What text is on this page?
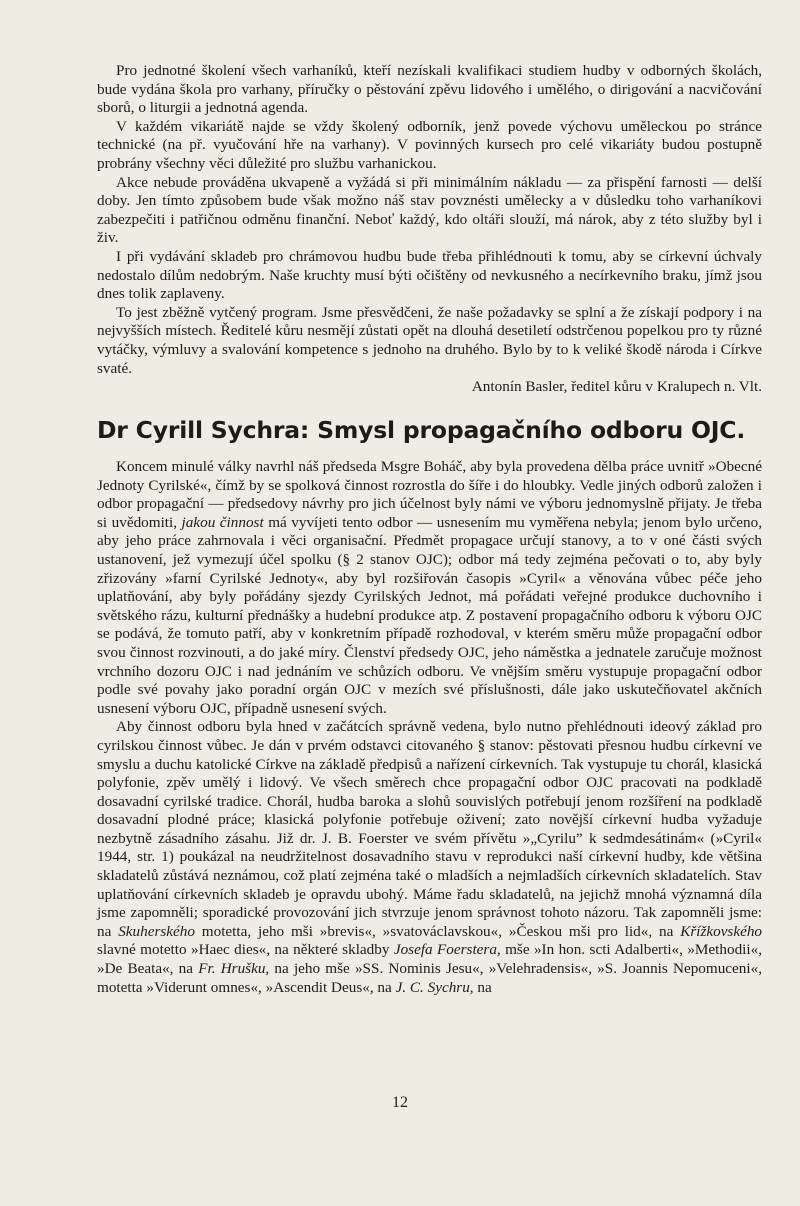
Pro jednotné školení všech varhaníků, kteří nezískali kvalifikaci studiem hudby v odborných školách, bude vydána škola pro varhany, příručky o pěstování zpěvu lidového i umělého, o dirigování a nacvičování sborů, o liturgii a jednotná agenda.

V každém vikariátě najde se vždy školený odborník, jenž povede výchovu uměleckou po stránce technické (na př. vyučování hře na varhany). V povinných kursech pro celé vikariáty budou postupně probrány všechny věci důležité pro službu varhanickou.

Akce nebude prováděna ukvapeně a vyžádá si při minimálním nákladu — za přispění farnosti — delší doby. Jen tímto způsobem bude však možno náš stav povznésti umělecky a v důsledku toho varhaníkovi zabezpečiti i patřičnou odměnu finanční. Neboť každý, kdo oltáři slouží, má nárok, aby z této služby byl i živ.

I při vydávání skladeb pro chrámovou hudbu bude třeba přihlédnouti k tomu, aby se církevní úchvaly nedostalo dílům nedobrým. Naše kruchty musí býti očištěny od nevkusného a necírkevního braku, jímž jsou dnes tolik zaplaveny.

To jest zběžně vytčený program. Jsme přesvědčeni, že naše požadavky se splní a že získají podpory i na nejvyšších místech. Ředitelé kůru nesmějí zůstati opět na dlouhá desetiletí odstrčenou popelkou pro ty různé vytáčky, výmluvy a svalování kompetence s jednoho na druhého. Bylo by to k veliké škodě národa i Církve svaté.

Antonín Basler, ředitel kůru v Kralupech n. Vlt.

Dr Cyrill Sychra: Smysl propagačního odboru OJC.

Koncem minulé války navrhl náš předseda Msgre Boháč, aby byla provedena dělba práce uvnitř »Obecné Jednoty Cyrilské«, čímž by se spolková činnost rozrostla do šíře i do hloubky. Vedle jiných odborů založen i odbor propagační — předsedovy návrhy pro jich účelnost byly námi ve výboru jednomyslně přijaty. Je třeba si uvědomiti, jakou činnost má vyvíjeti tento odbor — usnesením mu vyměřena nebyla; jenom bylo určeno, aby jeho práce zahrnovala i věci organisační. Předmět propagace určují stanovy, a to v oné části svých ustanovení, jež vymezují účel spolku (§ 2 stanov OJC); odbor má tedy zejména pečovati o to, aby byly zřizovány »farní Cyrilské Jednoty«, aby byl rozšiřován časopis »Cyril« a věnována vůbec péče jeho uplatňování, aby byly pořádány sjezdy Cyrilských Jednot, má pořádati veřejné produkce duchovního i světského rázu, kulturní přednášky a hudební produkce atp. Z postavení propagačního odboru k výboru OJC se podává, že tomuto patří, aby v konkretním případě rozhodoval, v kterém směru může propagační odbor svou činnost rozvinouti, a do jaké míry. Členství předsedy OJC, jeho náměstka a jednatele zaručuje možnost vrchního dozoru OJC i nad jednáním ve schůzích odboru. Ve vnějším směru vystupuje propagační odbor podle své povahy jako poradní orgán OJC v mezích své příslušnosti, dále jako uskutečňovatel akčních usnesení výboru OJC, případně usnesení svých.

Aby činnost odboru byla hned v začátcích správně vedena, bylo nutno přehlédnouti ideový základ pro cyrilskou činnost vůbec. Je dán v prvém odstavci citovaného § stanov: pěstovati přesnou hudbu církevní ve smyslu a duchu katolické Církve na základě předpisů a nařízení církevních. Tak vystupuje tu chorál, klasická polyfonie, zpěv umělý i lidový. Ve všech směrech chce propagační odbor OJC pracovati na podkladě dosavadní cyrilské tradice. Chorál, hudba baroka a slohů souvislých potřebují jenom rozšíření na podkladě dosavadní plodné práce; klasická polyfonie potřebuje oživení; zato novější církevní hudba vyžaduje nezbytně zásadního zásahu. Již dr. J. B. Foerster ve svém přívětu »„Cyrilu” k sedmdesátinám« (»Cyril« 1944, str. 1) poukázal na neudržitelnost dosavadního stavu v reprodukci naší církevní hudby, kde většina skladatelů zůstává neznámou, což platí zejména také o mladších a nejmladších církevních skladatelích. Stav uplatňování církevních skladeb je opravdu ubohý. Máme řadu skladatelů, na jejichž mnohá významná díla jsme zapomněli; sporadické provozování jich stvrzuje jenom správnost tohoto názoru. Tak zapomněli jsme: na Skuherského motetta, jeho mši »brevis«, »svatováclavskou«, »Českou mši pro lid«, na Křížkovského slavné motetto »Haec dies«, na některé skladby Josefa Foerstera, mše »In hon. scti Adalberti«, »Methodii«, »De Beata«, na Fr. Hrušku, na jeho mše »SS. Nominis Jesu«, »Velehradensis«, »S. Joannis Nepomuceni«, motetta »Viderunt omnes«, »Ascendit Deus«, na J. C. Sychru, na

12
